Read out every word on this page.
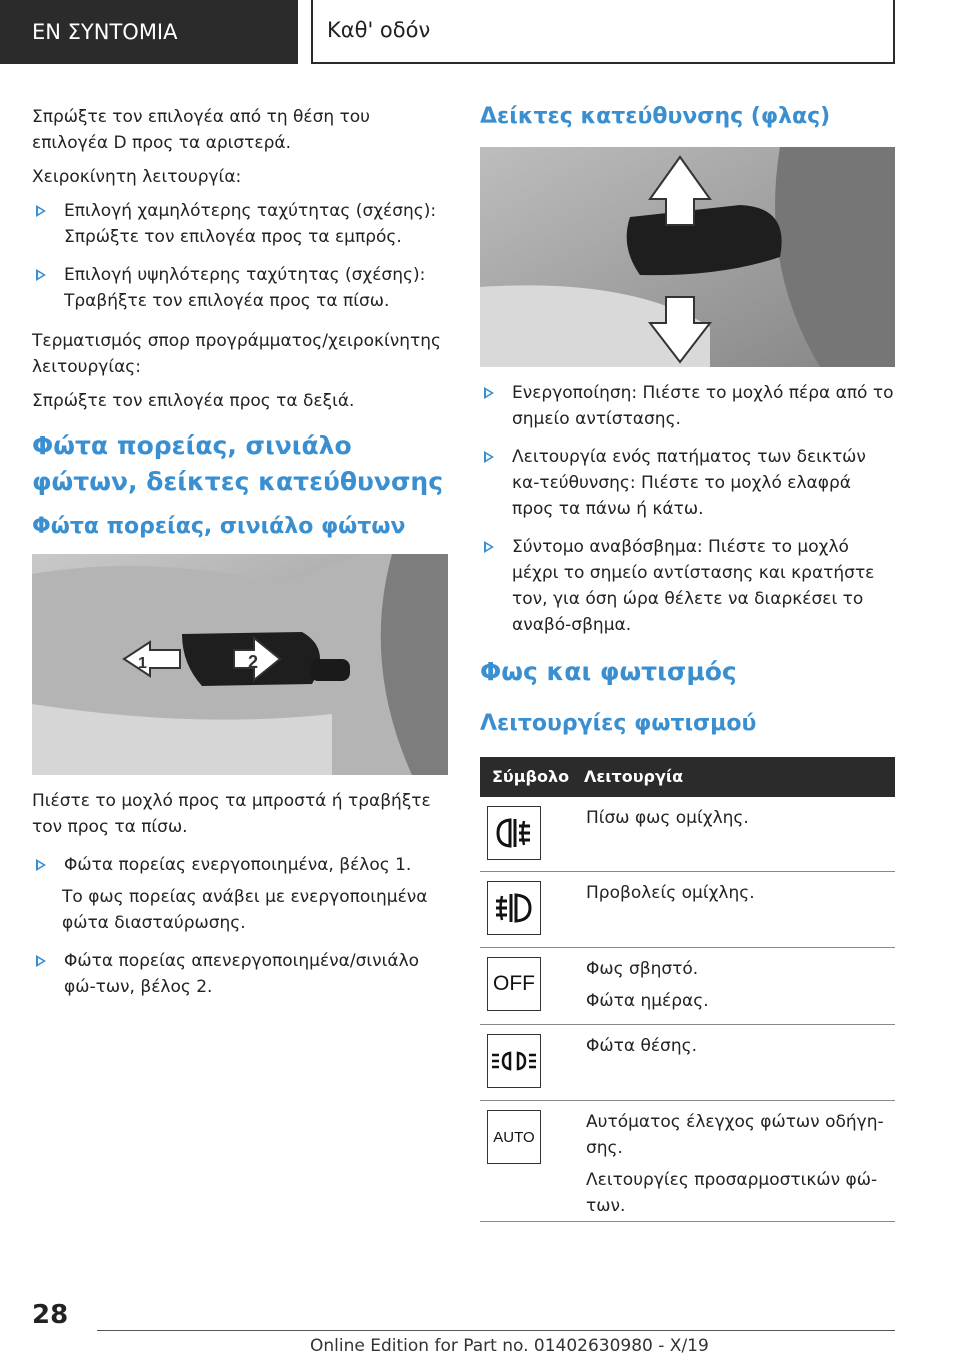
EN ΣΥΝΤΟΜΙΑ	Καθ' οδόν

Σπρώξτε τον επιλογέα από τη θέση του επιλογέα D προς τα αριστερά.

Χειροκίνητη λειτουργία:

Επιλογή χαμηλότερης ταχύτητας (σχέσης): Σπρώξτε τον επιλογέα προς τα εμπρός.
Επιλογή υψηλότερης ταχύτητας (σχέσης): Τραβήξτε τον επιλογέα προς τα πίσω.

Τερματισμός σπορ προγράμματος/χειροκίνητης λειτουργίας:

Σπρώξτε τον επιλογέα προς τα δεξιά.

Φώτα πορείας, σινιάλο φώτων, δείκτες κατεύθυνσης
Φώτα πορείας, σινιάλο φώτων
1	2

Πιέστε το μοχλό προς τα μπροστά ή τραβήξτε τον προς τα πίσω.

Φώτα πορείας ενεργοποιημένα, βέλος 1.

Το φως πορείας ανάβει με ενεργοποιημένα φώτα διασταύρωσης.

Φώτα πορείας απενεργοποιημένα/σινιάλο φώ-των, βέλος 2.
Δείκτες κατεύθυνσης (φλας)
Ενεργοποίηση: Πιέστε το μοχλό πέρα από το σημείο αντίστασης.
Λειτουργία ενός πατήματος των δεικτών κα-τεύθυνσης: Πιέστε το μοχλό ελαφρά προς τα πάνω ή κάτω.
Σύντομο αναβόσβημα: Πιέστε το μοχλό μέχρι το σημείο αντίστασης και κρατήστε τον, για όση ώρα θέλετε να διαρκέσει το αναβό-σβημα.
Φως και φωτισμός
Λειτουργίες φωτισμού
Σύμβολο Λειτουργία
Πίσω φως ομίχλης.
Προβολείς ομίχλης.
OFF
Φως σβηστό.
Φώτα ημέρας.
Φώτα θέσης.
AUTO
Αυτόματος έλεγχος φώτων οδήγη-σης.
Λειτουργίες προσαρμοστικών φώ-των.
28
Online Edition for Part no. 01402630980 - X/19
